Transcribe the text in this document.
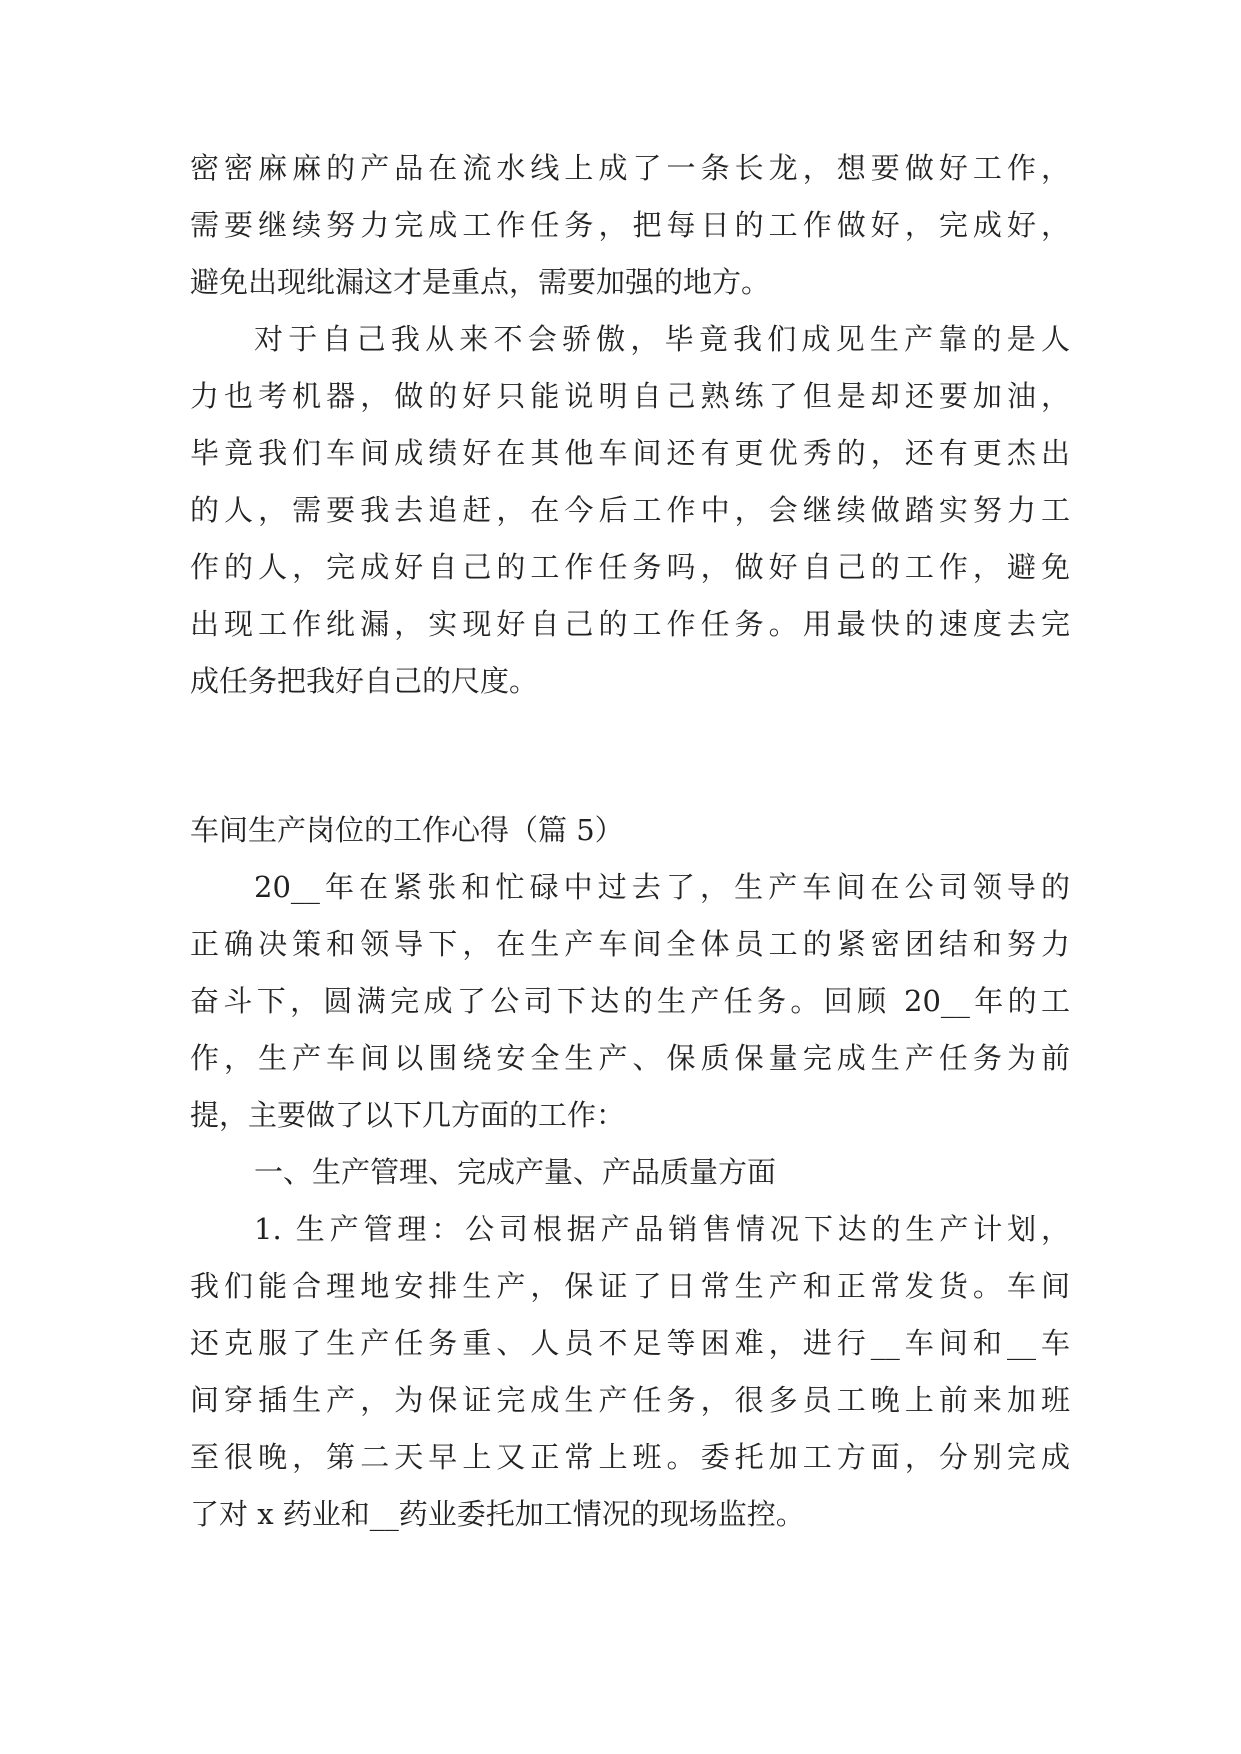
密密麻麻的产品在流水线上成了一条长龙，想要做好工作，
需要继续努力完成工作任务，把每日的工作做好，完成好，
避免出现纰漏这才是重点，需要加强的地方。
对于自己我从来不会骄傲，毕竟我们成见生产靠的是人
力也考机器，做的好只能说明自己熟练了但是却还要加油，
毕竟我们车间成绩好在其他车间还有更优秀的，还有更杰出
的人，需要我去追赶，在今后工作中，会继续做踏实努力工
作的人，完成好自己的工作任务吗，做好自己的工作，避免
出现工作纰漏，实现好自己的工作任务。用最快的速度去完
成任务把我好自己的尺度。
车间生产岗位的工作心得（篇 5）
20__年在紧张和忙碌中过去了，生产车间在公司领导的
正确决策和领导下，在生产车间全体员工的紧密团结和努力
奋斗下，圆满完成了公司下达的生产任务。回顾 20__年的工
作，生产车间以围绕安全生产、保质保量完成生产任务为前
提，主要做了以下几方面的工作：
一、生产管理、完成产量、产品质量方面
1. 生产管理：公司根据产品销售情况下达的生产计划，
我们能合理地安排生产，保证了日常生产和正常发货。车间
还克服了生产任务重、人员不足等困难，进行__车间和__车
间穿插生产，为保证完成生产任务，很多员工晚上前来加班
至很晚，第二天早上又正常上班。委托加工方面，分别完成
了对 x 药业和__药业委托加工情况的现场监控。
